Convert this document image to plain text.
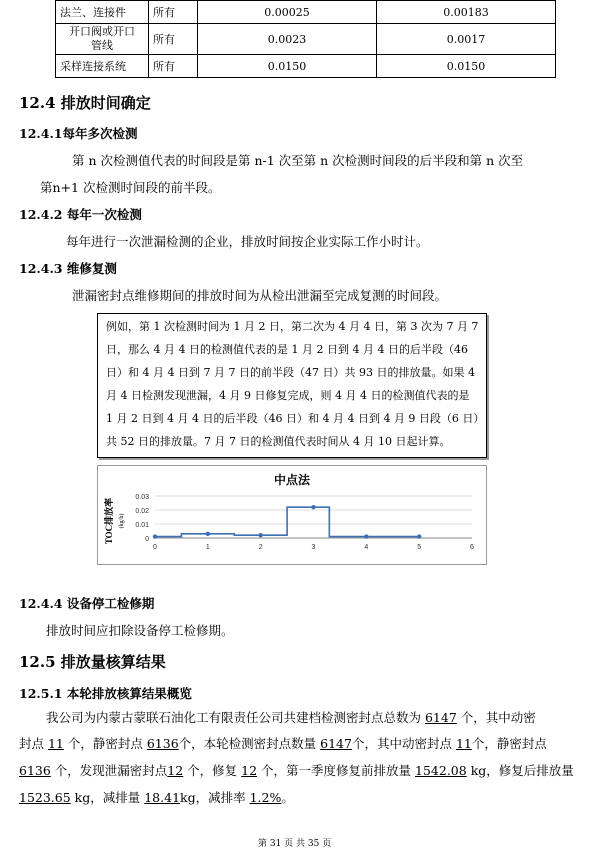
法兰、连接件	所有	0.00025	0.00183
开口阀或开口
管线	所有	0.0023	0.0017
采样连接系统	所有	0.0150	0.0150
12.4 排放时间确定
12.4.1每年多次检测
第 n 次检测值代表的时间段是第 n-1 次至第 n 次检测时间段的后半段和第 n 次至
第n+1 次检测时间段的前半段。
12.4.2 每年一次检测
每年进行一次泄漏检测的企业，排放时间按企业实际工作小时计。
12.4.3 维修复测
泄漏密封点维修期间的排放时间为从检出泄漏至完成复测的时间段。
例如，第 1 次检测时间为 1 月 2 日，第二次为 4 月 4 日，第 3 次为 7 月 7
日，那么 4 月 4 日的检测值代表的是 1 月 2 日到 4 月 4 日的后半段（46
日）和 4 月 4 日到 7 月 7 日的前半段（47 日）共 93 日的排放量。如果 4
月 4 日检测发现泄漏，4 月 9 日修复完成，则 4 月 4 日的检测值代表的是
1 月 2 日到 4 月 4 日的后半段（46 日）和 4 月 4 日到 4 月 9 日段（6 日）
共 52 日的排放量。7 月 7 日的检测值代表时间从 4 月 10 日起计算。
中点法
TOC排放率 (kg/h)
0
0.01
0.02
0.03
0	1	2	3	4	5	6
12.4.4 设备停工检修期
排放时间应扣除设备停工检修期。
12.5 排放量核算结果
12.5.1 本轮排放核算结果概览
我公司为内蒙古蒙联石油化工有限责任公司共建档检测密封点总数为 6147 个，其中动密
封点 11 个，静密封点 6136个，本轮检测密封点数量 6147个，其中动密封点 11个，静密封点
6136 个，发现泄漏密封点12 个，修复 12 个，第一季度修复前排放量 1542.08 kg，修复后排放量
1523.65 kg，减排量 18.41kg，减排率 1.2%。
第 31 页 共 35 页
